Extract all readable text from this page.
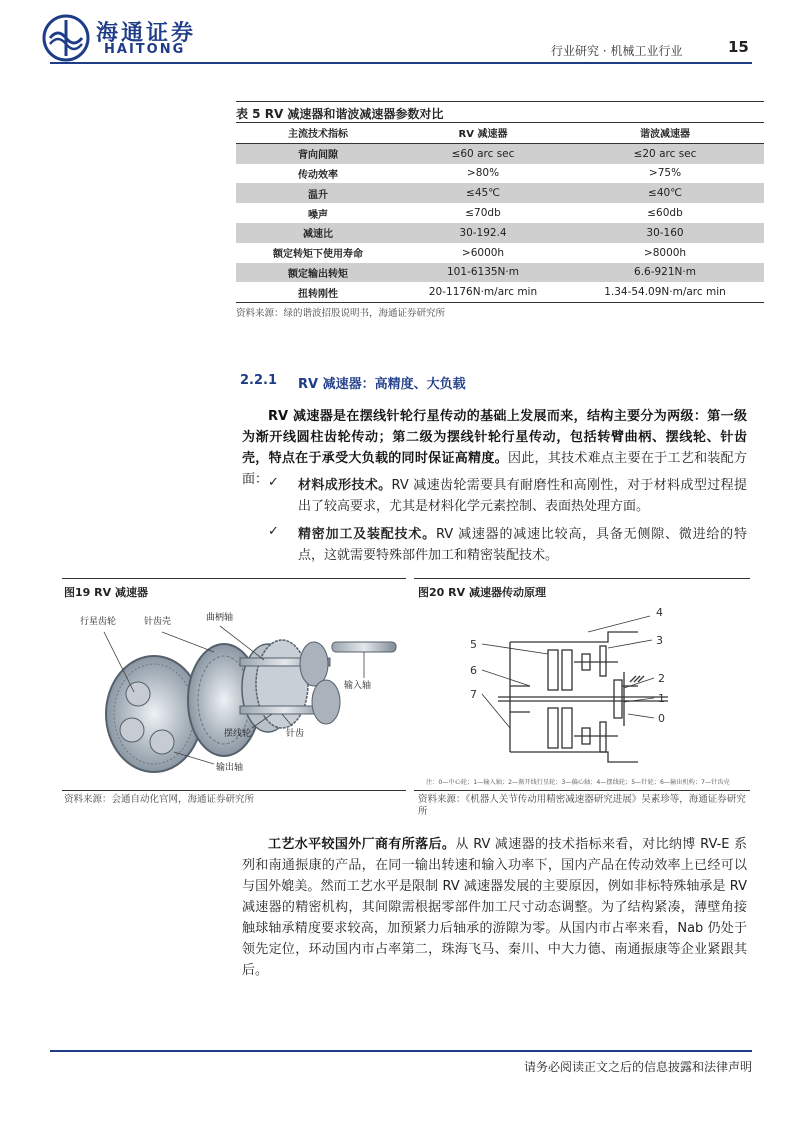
海通证券
HAITONG	行业研究 · 机械工业行业	15
表 5 RV 减速器和谐波减速器参数对比
主流技术指标	RV 减速器	谐波减速器
背向间隙	≤60 arc sec	≤20 arc sec
传动效率	>80%	>75%
温升	≤45℃	≤40℃
噪声	≤70db	≤60db
减速比	30-192.4	30-160
额定转矩下使用寿命	>6000h	>8000h
额定输出转矩	101-6135N·m	6.6-921N·m
扭转刚性	20-1176N·m/arc min	1.34-54.09N·m/arc min
资料来源：绿的谐波招股说明书，海通证券研究所
2.2.1 RV 减速器：高精度、大负载
RV 减速器是在摆线针轮行星传动的基础上发展而来，结构主要分为两级：第一级为渐开线圆柱齿轮传动；第二级为摆线针轮行星传动，包括转臂曲柄、摆线轮、针齿壳，特点在于承受大负载的同时保证高精度。因此，其技术难点主要在于工艺和装配方面： ✓ 材料成形技术。RV 减速齿轮需要具有耐磨性和高刚性，对于材料成型过程提出了较高要求，尤其是材料化学元素控制、表面热处理方面。
✓ 精密加工及装配技术。RV 减速器的减速比较高，具备无侧隙、微进给的特点，这就需要特殊部件加工和精密装配技术。
图19 RV 减速器
行星齿轮	针齿壳	曲柄轴
输入轴
摆线轮	针齿
输出轴
资料来源：会通自动化官网，海通证券研究所
图20 RV 减速器传动原理
4
5	3
6
2
7	1
0
注：0—中心轮；1—输入轴；2—渐开线行星轮；3—偏心轴；4—摆线轮；5—针轮；6—输出机构；7—针齿壳
资料来源：《机器人关节传动用精密减速器研究进展》吴素珍等，海通证券研究所
工艺水平较国外厂商有所落后。从 RV 减速器的技术指标来看，对比纳博 RV-E 系列和南通振康的产品，在同一输出转速和输入功率下，国内产品在传动效率上已经可以与国外媲美。然而工艺水平是限制 RV 减速器发展的主要原因，例如非标特殊轴承是 RV 减速器的精密机构，其间隙需根据零部件加工尺寸动态调整。为了结构紧凑，薄壁角接触球轴承精度要求较高，加预紧力后轴承的游隙为零。从国内市占率来看，Nab 仍处于领先定位，环动国内市占率第二，珠海飞马、秦川、中大力德、南通振康等企业紧跟其后。
请务必阅读正文之后的信息披露和法律声明
